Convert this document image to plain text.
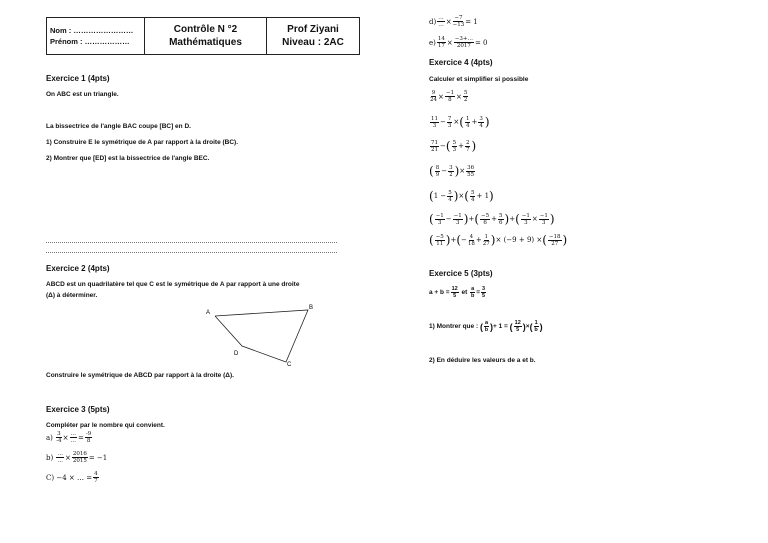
Nom : ……………………
Prénom : ………………
Contrôle N °2
Mathématiques
Prof Ziyani
Niveau : 2AC
Exercice 1 (4pts)
On ABC est un triangle.
La bissectrice de l'angle BAC coupe [BC] en D.
1) Construire E le symétrique de A par rapport à la droite (BC).
2) Montrer que [ED] est la bissectrice de l'angle BEC.
Exercice 2 (4pts)
ABCD est un quadrilatère tel que C est le symétrique de A par rapport à une droite
(Δ) à déterminer.
A
B
C
D
Construire le symétrique de ABCD par rapport à la droite (Δ).
Exercice 3 (5pts)
Compléter par le nombre qui convient.
a)
$\frac{3}{-4} \times \frac{\dots}{\dots} = \frac{-9}{8}$
b)
$\frac{\dots}{\dots} \times \frac{2016}{2015} = -1$
C)
−4 × … = $\frac{4}{7}$
$d) \frac{\dots}{\dots} \times \frac{-7}{-13} = 1$
$e) \frac{14}{17} \times \frac{-3+\dots}{2017} = 0$
Exercice 4 (4pts)
Calculer et simplifier si possible
$\frac{9}{24} \times \frac{-1}{8} \times \frac{5}{2}$
$\frac{11}{3} - \frac{7}{3}$ × ( $\frac{1}{4} + \frac{3}{4}$ )
$\frac{71}{21}$ − ( $\frac{5}{3} + \frac{2}{7}$ )
( $\frac{8}{9} - \frac{3}{2}$ ) × $\frac{36}{55}$
( $1 - \frac{5}{4}$ ) × ( $\frac{5}{4} + 1$ )
( $\frac{-1}{3} - \frac{-1}{3}$ ) + ( $\frac{-5}{6} + \frac{5}{6}$ ) + ( $\frac{-1}{3} \times \frac{-1}{3}$ )
( $\frac{-5}{11}$ ) + ( − $\frac{4}{18} + \frac{1}{27}$ ) × (−9 + 9) × ( $\frac{-18}{27}$ )
Exercice 5 (3pts)
$a + b = \frac{12}{5}$
et
$\frac{a}{b} = \frac{3}{5}$
1) Montrer que :
( $\frac{a}{b}$ ) + 1 =
( $\frac{12}{5}$ ) × ( $\frac{1}{b}$ )
2) En déduire les valeurs de a et b.
